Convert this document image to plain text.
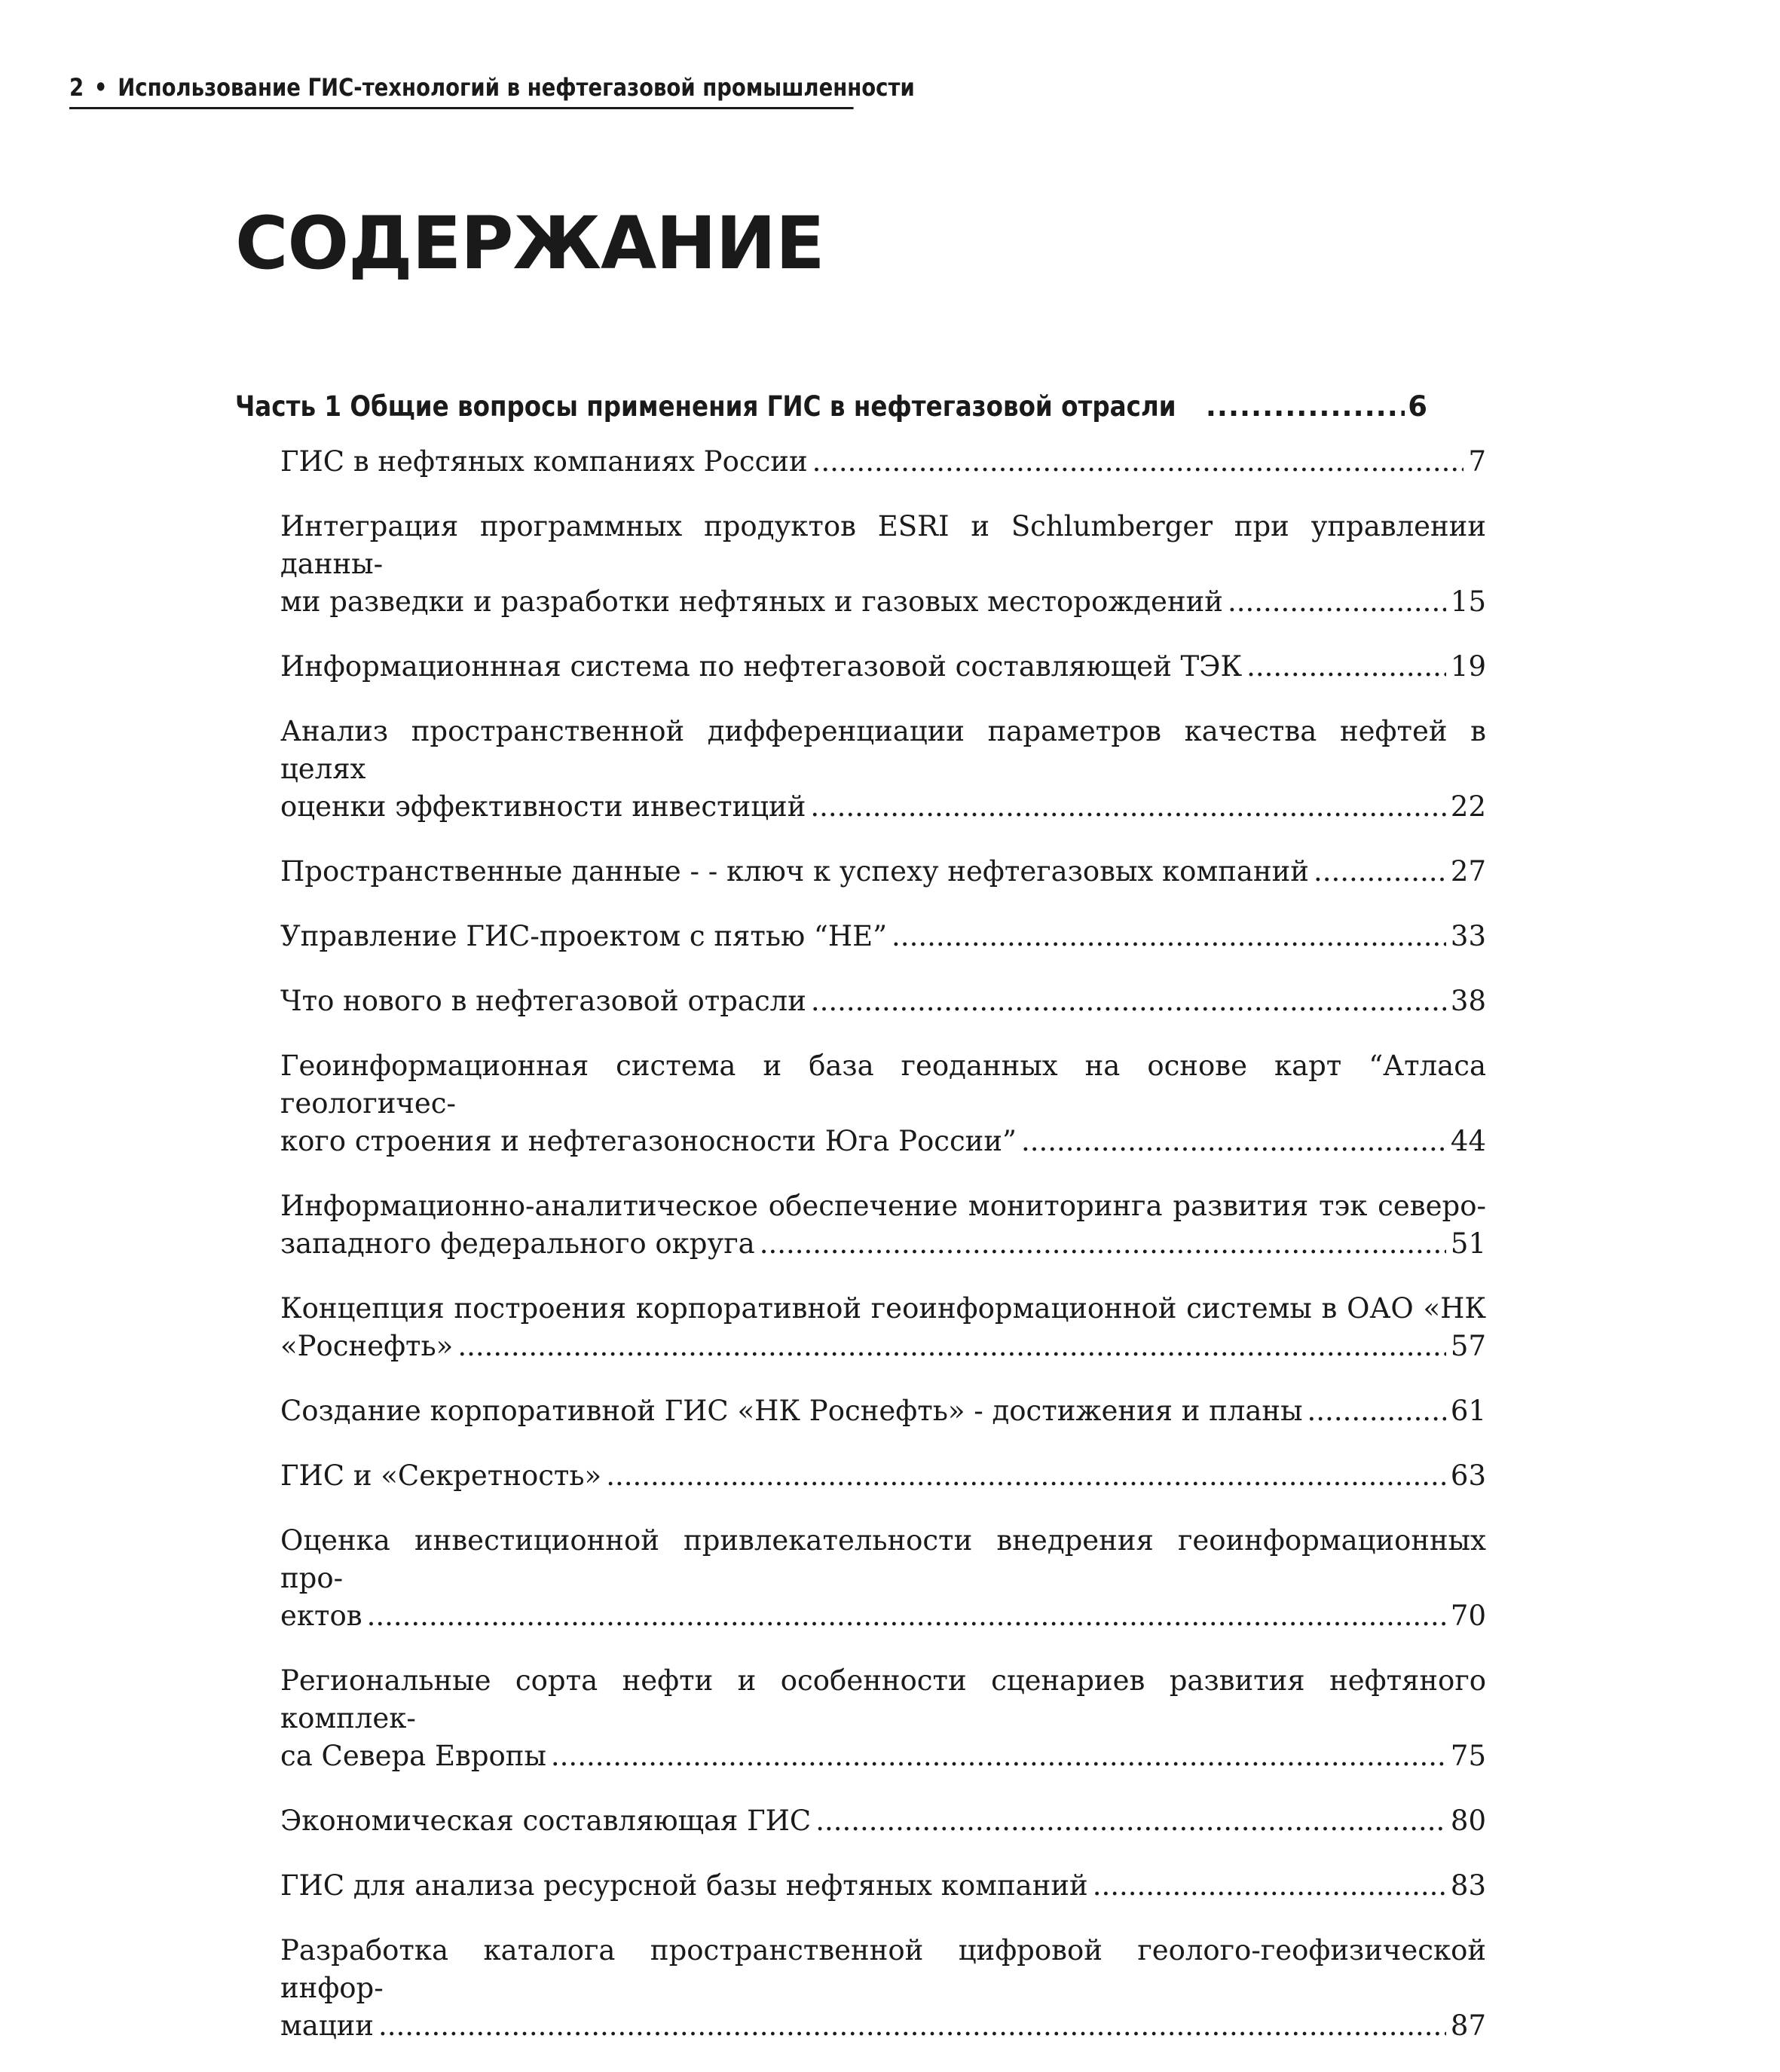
2 • Использование ГИС-технологий в нефтегазовой промышленности
СОДЕРЖАНИЕ
Часть 1 Общие вопросы применения ГИС в нефтегазовой отрасли .....	6
ГИС в нефтяных компаниях России .....	7
Интеграция программных продуктов ESRI и Schlumberger при управлении данны-
ми разведки и разработки нефтяных и газовых месторождений .....	15
Информационнная система по нефтегазовой составляющей ТЭК .....	19
Анализ пространственной дифференциации параметров качества нефтей в целях
оценки эффективности инвестиций .....	22
Пространственные данные - - ключ к успеху нефтегазовых компаний .....	27
Управление ГИС-проектом с пятью “НЕ” .....	33
Что нового в нефтегазовой отрасли .....	38
Геоинформационная система и база геоданных на основе карт “Атласа геологичес-
кого строения и нефтегазоносности Юга России” .....	44
Информационно-аналитическое обеспечение мониторинга развития тэк северо-
западного федерального округа .....	51
Концепция построения корпоративной геоинформационной системы в ОАО «НК
«Роснефть» .....	57
Создание корпоративной ГИС «НК Роснефть» - достижения и планы .....	61
ГИС и «Секретность» .....	63
Оценка инвестиционной привлекательности внедрения геоинформационных про-
ектов .....	70
Региональные сорта нефти и особенности сценариев развития нефтяного комплек-
са Севера Европы .....	75
Экономическая составляющая ГИС .....	80
ГИС для анализа ресурсной базы нефтяных компаний .....	83
Разработка каталога пространственной цифровой геолого-геофизической инфор-
мации .....	87
